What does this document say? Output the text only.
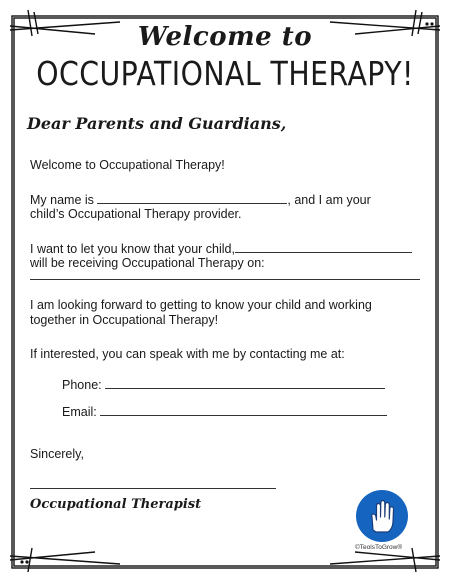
Welcome to
OCCUPATIONAL THERAPY!
Dear Parents and Guardians,
Welcome to Occupational Therapy!
My name is	, and I am your
child’s Occupational Therapy provider.
I want to let you know that your child,
will be receiving Occupational Therapy on:
I am looking forward to getting to know your child and working
together in Occupational Therapy!
If interested, you can speak with me by contacting me at:
Phone:
Email:
Sincerely,
Occupational Therapist
©TeolsToGrow®
